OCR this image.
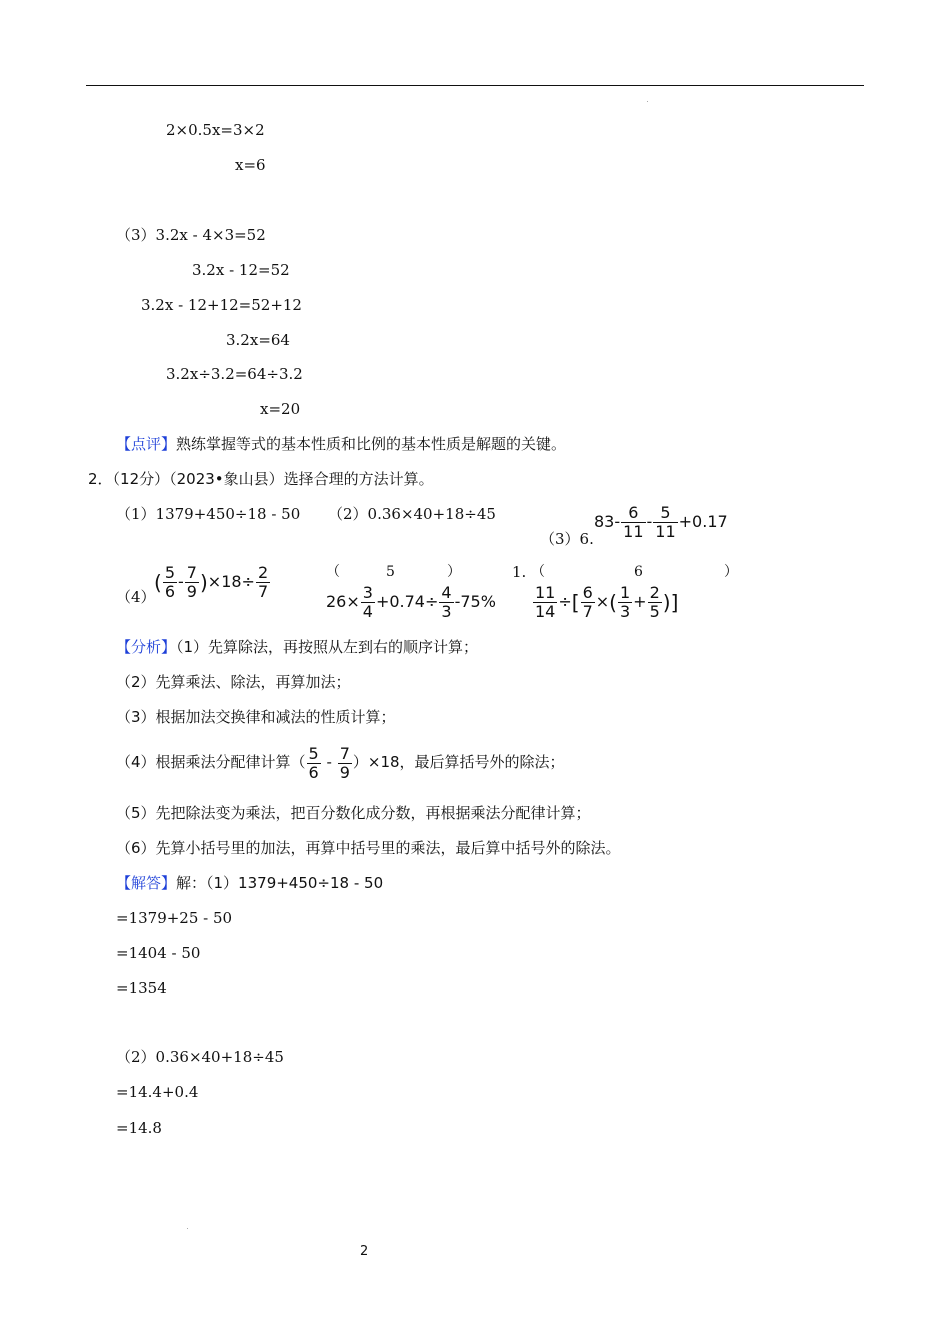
2×0.5x=3×2
x=6
（3）3.2x - 4×3=52
3.2x - 12=52
3.2x - 12+12=52+12
3.2x=64
3.2x÷3.2=64÷3.2
x=20
【点评】熟练掌握等式的基本性质和比例的基本性质是解题的关键。
2．（12分）（2023•象山县）选择合理的方法计算。
（1）1379+450÷18 - 50 （2）0.36×40+18÷45
（3）6.
$83- \frac{6}{11} - \frac{5}{11} +0.17$
（4）
( $\frac{5}{6} - \frac{7}{9} )\times 18\div \frac{2}{7}$	（	5	）
$26\times \frac{3}{4} +0.74\div \frac{4}{3} -75\%$
1. （	6	）
$\frac{11}{14}$ ÷[ $\frac{6}{7}$ ×( $\frac{1}{3} + \frac{2}{5}$ )]
【分析】（1）先算除法，再按照从左到右的顺序计算；
（2）先算乘法、除法，再算加法；
（3）根据加法交换律和减法的性质计算；
（4）根据乘法分配律计算（ $\frac{5}{6} - \frac{7}{9} )\times 18$，最后算括号外的除法；
（5）先把除法变为乘法，把百分数化成分数，再根据乘法分配律计算；
（6）先算小括号里的加法，再算中括号里的乘法，最后算中括号外的除法。
【解答】解：（1）1379+450÷18 - 50
=1379+25 - 50
=1404 - 50
=1354
（2）0.36×40+18÷45
=14.4+0.4
=14.8
2
